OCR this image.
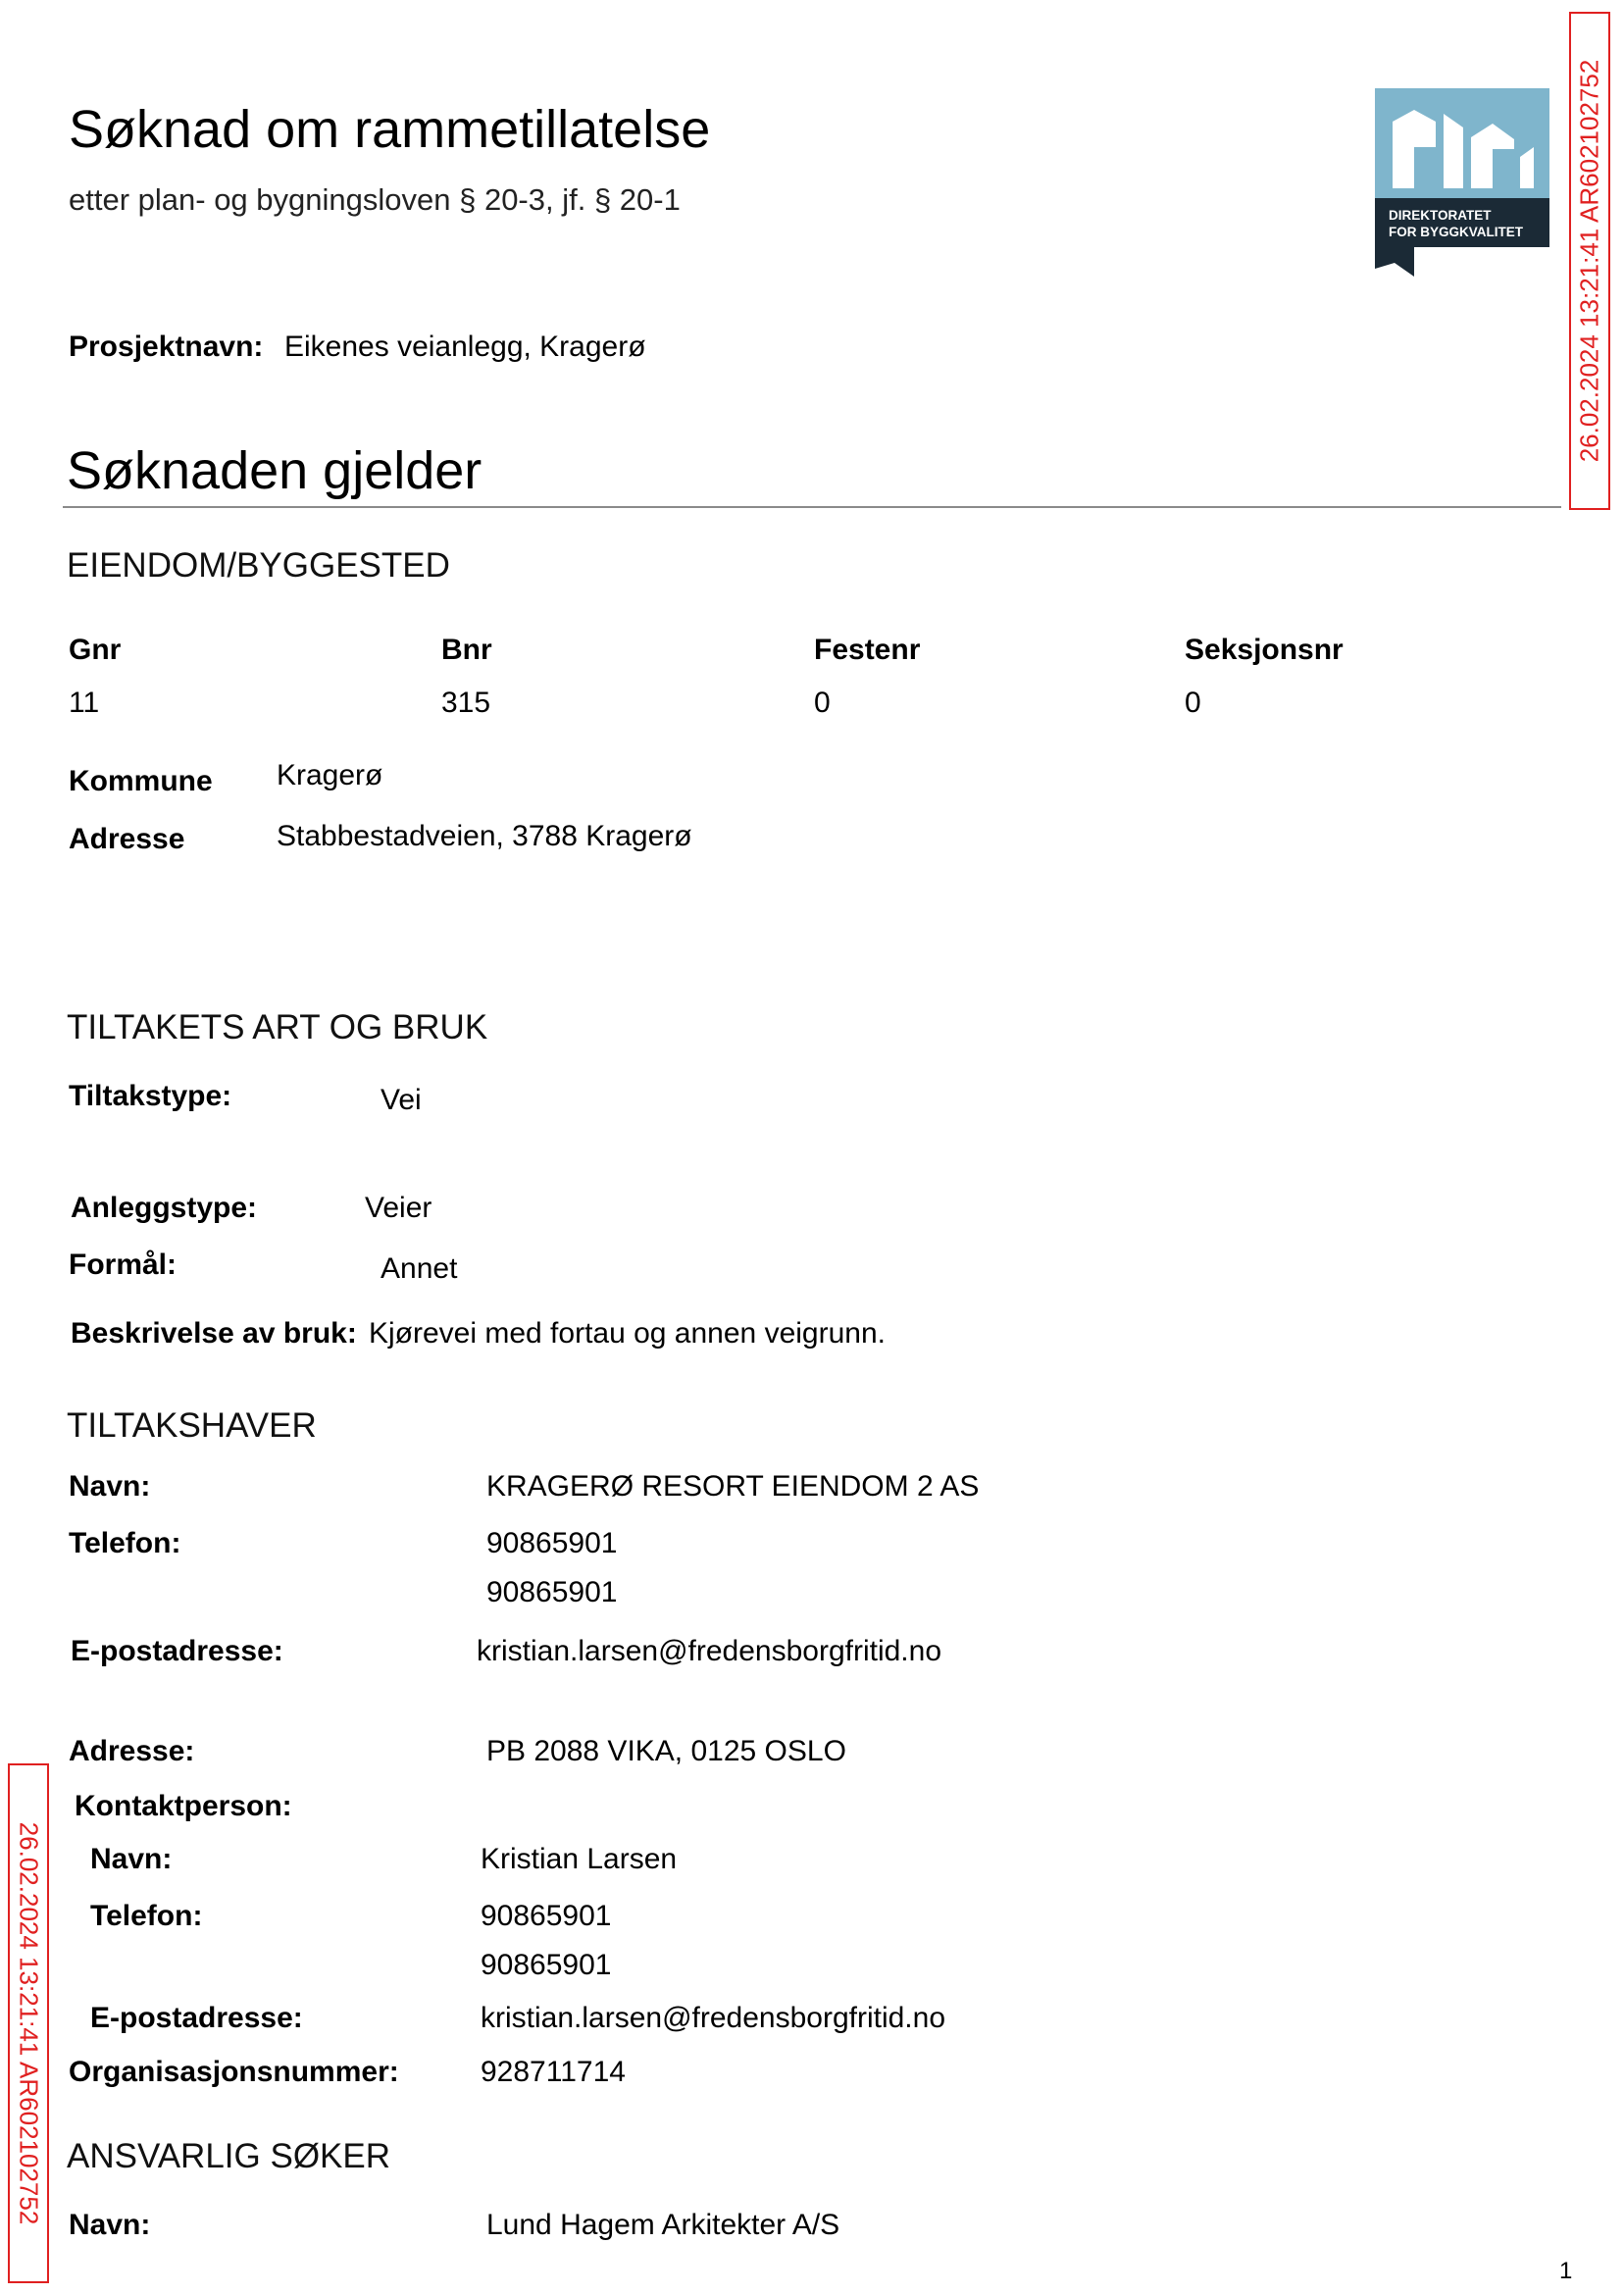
Søknad om rammetillatelse
etter plan- og bygningsloven § 20-3, jf. § 20-1	DIREKTORATET
FOR BYGGKVALITET
Prosjektnavn: Eikenes veianlegg, Kragerø
Søknaden gjelder
EIENDOM/BYGGESTED
Gnr	Bnr	Festenr	Seksjonsnr
11	315	0	0
Kommune Kragerø
Adresse	Stabbestadveien, 3788 Kragerø
TILTAKETS ART OG BRUK
Tiltakstype:	Vei
Anleggstype:	Veier
Formål:	Annet
Beskrivelse av bruk: Kjørevei med fortau og annen veigrunn.
TILTAKSHAVER
Navn:	KRAGERØ RESORT EIENDOM 2 AS
Telefon:	90865901
90865901
E-postadresse:	kristian.larsen@fredensborgfritid.no
Adresse:	PB 2088 VIKA, 0125 OSLO
Kontaktperson:
Navn:	Kristian Larsen
Telefon:	90865901
90865901
E-postadresse:	kristian.larsen@fredensborgfritid.no
Organisasjonsnummer:	928711714
ANSVARLIG SØKER
Navn:	Lund Hagem Arkitekter A/S
26.02.2024 13:21:41 AR602102752
26.02.2024 13:21:41 AR602102752
1
